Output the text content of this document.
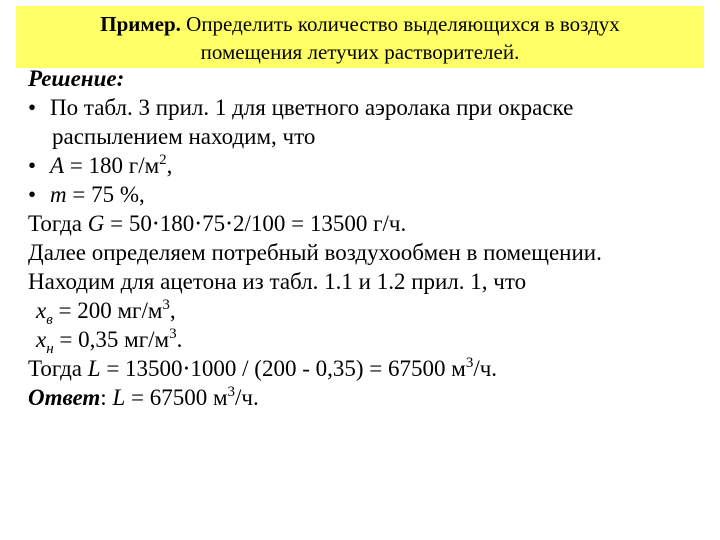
Пример. Определить количество выделяющихся в воздух
помещения летучих растворителей.
Решение:
• По табл. 3 прил. 1 для цветного аэролака при окраске
распылением находим, что
• A = 180 $г/м^2$,
• m = 75 %,
Тогда G = 50⋅180⋅75⋅2/100 = 13500 г/ч.
Далее определяем потребный воздухообмен в помещении.
Находим для ацетона из табл. 1.1 и 1.2 прил. 1, что
$x_в = 200$ $мг/м^3$,
$x_н = 0,35$ $мг/м^3$.
Тогда L = 13500⋅1000 / (200 - 0,35) = 67500 $м^3/ч$.
Ответ: L = 67500 $м^3/ч$.
